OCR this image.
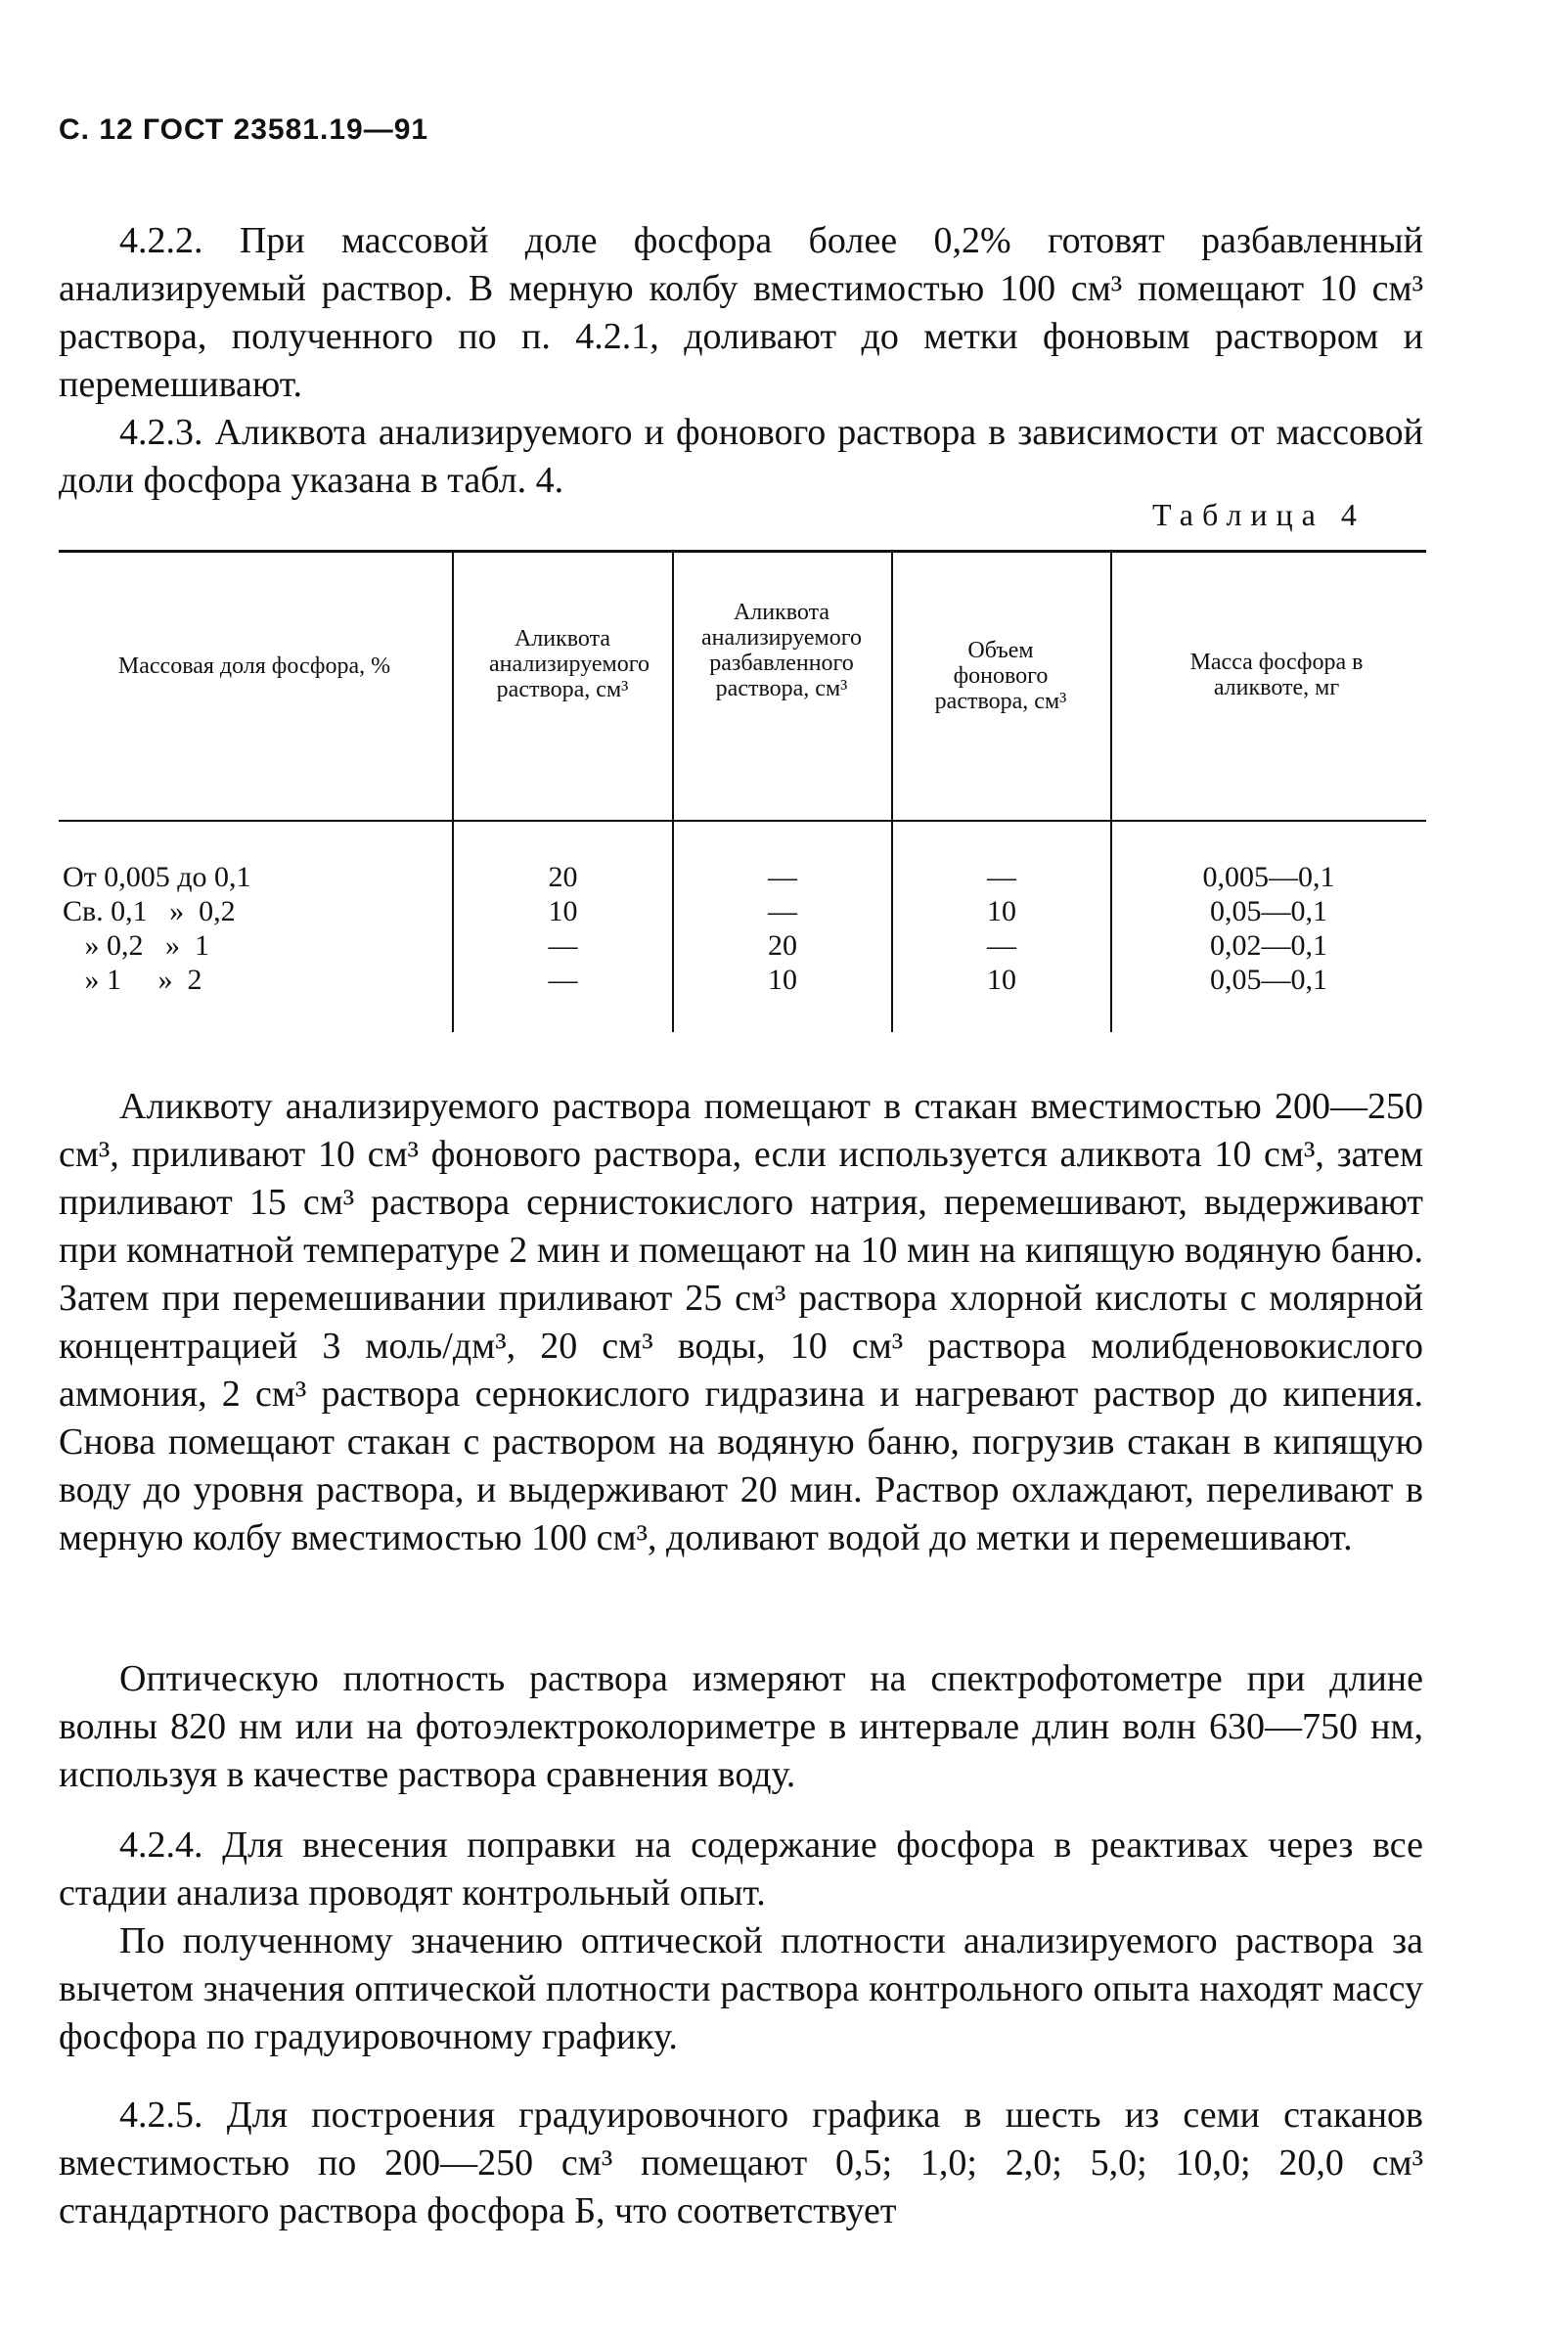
С. 12 ГОСТ 23581.19—91

4.2.2. При массовой доле фосфора более 0,2% готовят разбавленный анализируемый раствор. В мерную колбу вместимостью 100 см³ помещают 10 см³ раствора, полученного по п. 4.2.1, доливают до метки фоновым раствором и перемешивают.

4.2.3. Аликвота анализируемого и фонового раствора в зависимости от массовой доли фосфора указана в табл. 4.

Таблица 4
Массовая доля фосфора, %
Аликвота анализируемого раствора, см³
Аликвота анализируемого разбавленного раствора, см³
Объем фонового раствора, см³
Масса фосфора в аликвоте, мг
От 0,005 до 0,1
Св. 0,1   »  0,2
» 0,2   »  1
» 1     »  2
20
10
—
—
—
—
20
10
—
10
—
10
0,005—0,1
0,05—0,1
0,02—0,1
0,05—0,1

Аликвоту анализируемого раствора помещают в стакан вместимостью 200—250 см³, приливают 10 см³ фонового раствора, если используется аликвота 10 см³, затем приливают 15 см³ раствора сернистокислого натрия, перемешивают, выдерживают при комнатной температуре 2 мин и помещают на 10 мин на кипящую водяную баню. Затем при перемешивании приливают 25 см³ раствора хлорной кислоты с молярной концентрацией 3 моль/дм³, 20 см³ воды, 10 см³ раствора молибденовокислого аммония, 2 см³ раствора сернокислого гидразина и нагревают раствор до кипения. Снова помещают стакан с раствором на водяную баню, погрузив стакан в кипящую воду до уровня раствора, и выдерживают 20 мин. Раствор охлаждают, переливают в мерную колбу вместимостью 100 см³, доливают водой до метки и перемешивают.

Оптическую плотность раствора измеряют на спектрофотометре при длине волны 820 нм или на фотоэлектроколориметре в интервале длин волн 630—750 нм, используя в качестве раствора сравнения воду.

4.2.4. Для внесения поправки на содержание фосфора в реактивах через все стадии анализа проводят контрольный опыт.

По полученному значению оптической плотности анализируемого раствора за вычетом значения оптической плотности раствора контрольного опыта находят массу фосфора по градуировочному графику.

4.2.5. Для построения градуировочного графика в шесть из семи стаканов вместимостью по 200—250 см³ помещают 0,5; 1,0; 2,0; 5,0; 10,0; 20,0 см³ стандартного раствора фосфора Б, что соответствует
